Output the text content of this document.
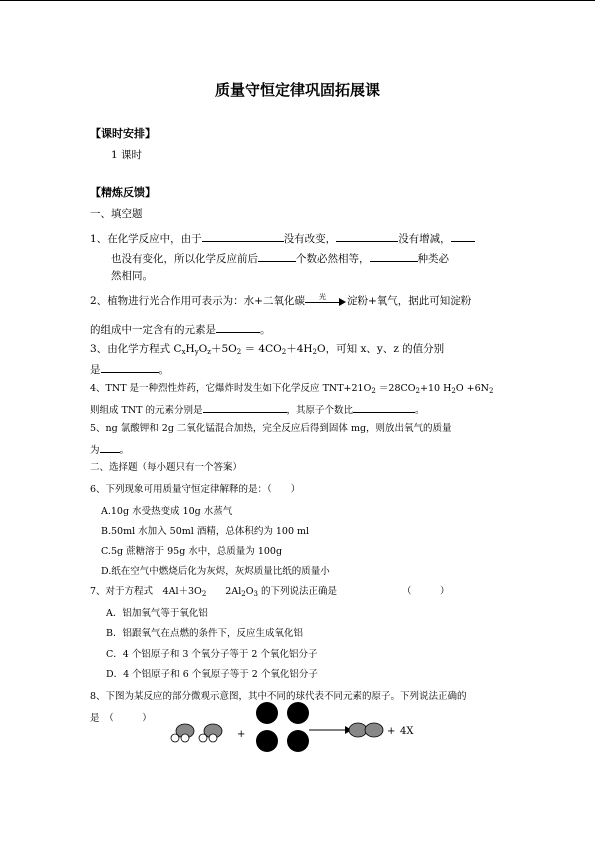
质量守恒定律巩固拓展课
【课时安排】
1 课时
【精炼反馈】
一、填空题
1、在化学反应中，由于	没有改变，	没有增减，
也没有变化，所以化学反应前后	个数必然相等，	种类必
然相同。
2、植物进行光合作用可表示为：水+二氧化碳 光 淀粉+氧气，据此可知淀粉
的组成中一定含有的元素是	。
3、由化学方程式 $C_xH_yO_z+5O_2 = 4CO_2+4H_2O$，可知 x、y、z 的值分别
是	。
4、TNT 是一种烈性炸药，它爆炸时发生如下化学反应 $TNT+21O_2 =28CO_2+10$ $H_2O +6N_2$
则组成 TNT 的元素分别是	，其原子个数比	。
5、ng 氯酸钾和 2g 二氧化锰混合加热，完全反应后得到固体 mg，则放出氧气的质量
为 。
二、选择题（每小题只有一个答案）
6、下列现象可用质量守恒定律解释的是：（　　）
A.10g 水受热变成 10g 水蒸气
B.50ml 水加入 50ml 酒精，总体积约为 100 ml
C.5g 蔗糖溶于 95g 水中，总质量为 100g
D.纸在空气中燃烧后化为灰烬，灰烬质量比纸的质量小
7、对于方程式　$4Al+3O_2$　　$2Al_2O_3$ 的下列说法正确是	（　　　）
A．铝加氧气等于氧化铝
B．铝跟氧气在点燃的条件下，反应生成氧化铝
C．4 个铝原子和 3 个氧分子等于 2 个氧化铝分子
D．4 个铝原子和 6 个氧原子等于 2 个氧化铝分子
8、下图为某反应的部分微观示意图，其中不同的球代表不同元素的原子。下列说法正确的
是　（　　　）
+	+ 4X
